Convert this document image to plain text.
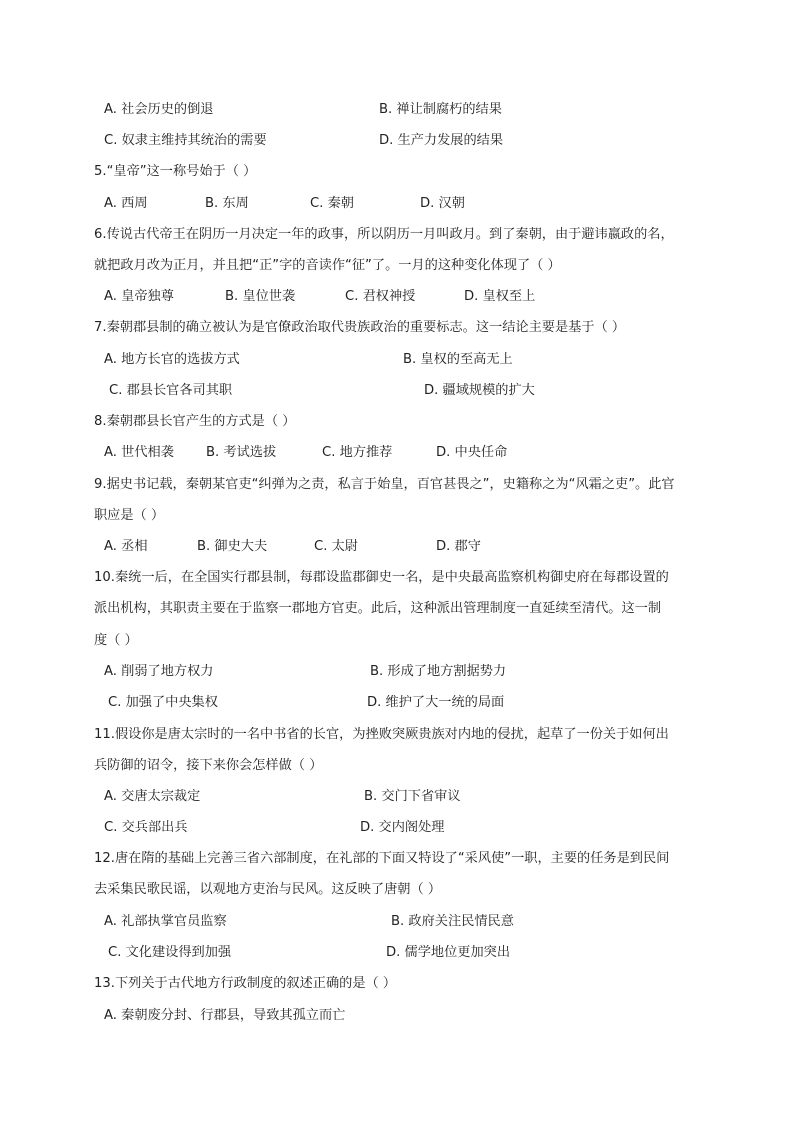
A. 社会历史的倒退	B. 禅让制腐朽的结果
C. 奴隶主维持其统治的需要	D. 生产力发展的结果
5.“皇帝”这一称号始于（ ）
A. 西周	B. 东周	C. 秦朝	D. 汉朝
6.传说古代帝王在阴历一月决定一年的政事，所以阴历一月叫政月。到了秦朝，由于避讳嬴政的名，
就把政月改为正月，并且把“正”字的音读作“征”了。一月的这种变化体现了（ ）
A. 皇帝独尊	B. 皇位世袭	C. 君权神授	D. 皇权至上
7.秦朝郡县制的确立被认为是官僚政治取代贵族政治的重要标志。这一结论主要是基于（ ）
A. 地方长官的选拔方式	B. 皇权的至高无上
C. 郡县长官各司其职	D. 疆域规模的扩大
8.秦朝郡县长官产生的方式是（ ）
A. 世代相袭 B. 考试选拔	C. 地方推荐	D. 中央任命
9.据史书记载，秦朝某官吏“纠弹为之责，私言于始皇，百官甚畏之”，史籍称之为“风霜之吏”。此官
职应是（ ）
A. 丞相	B. 御史大夫	C. 太尉	D. 郡守
10.秦统一后，在全国实行郡县制，每郡设监郡御史一名，是中央最高监察机构御史府在每郡设置的
派出机构，其职责主要在于监察一郡地方官吏。此后，这种派出管理制度一直延续至清代。这一制
度（ ）
A. 削弱了地方权力	B. 形成了地方割据势力
C. 加强了中央集权	D. 维护了大一统的局面
11.假设你是唐太宗时的一名中书省的长官，为挫败突厥贵族对内地的侵扰，起草了一份关于如何出
兵防御的诏令，接下来你会怎样做（ ）
A. 交唐太宗裁定	B. 交门下省审议
C. 交兵部出兵	D. 交内阁处理
12.唐在隋的基础上完善三省六部制度，在礼部的下面又特设了“采风使”一职，主要的任务是到民间
去采集民歌民谣，以观地方吏治与民风。这反映了唐朝（ ）
A. 礼部执掌官员监察	B. 政府关注民情民意
C. 文化建设得到加强	D. 儒学地位更加突出
13.下列关于古代地方行政制度的叙述正确的是（ ）
A. 秦朝废分封、行郡县，导致其孤立而亡
